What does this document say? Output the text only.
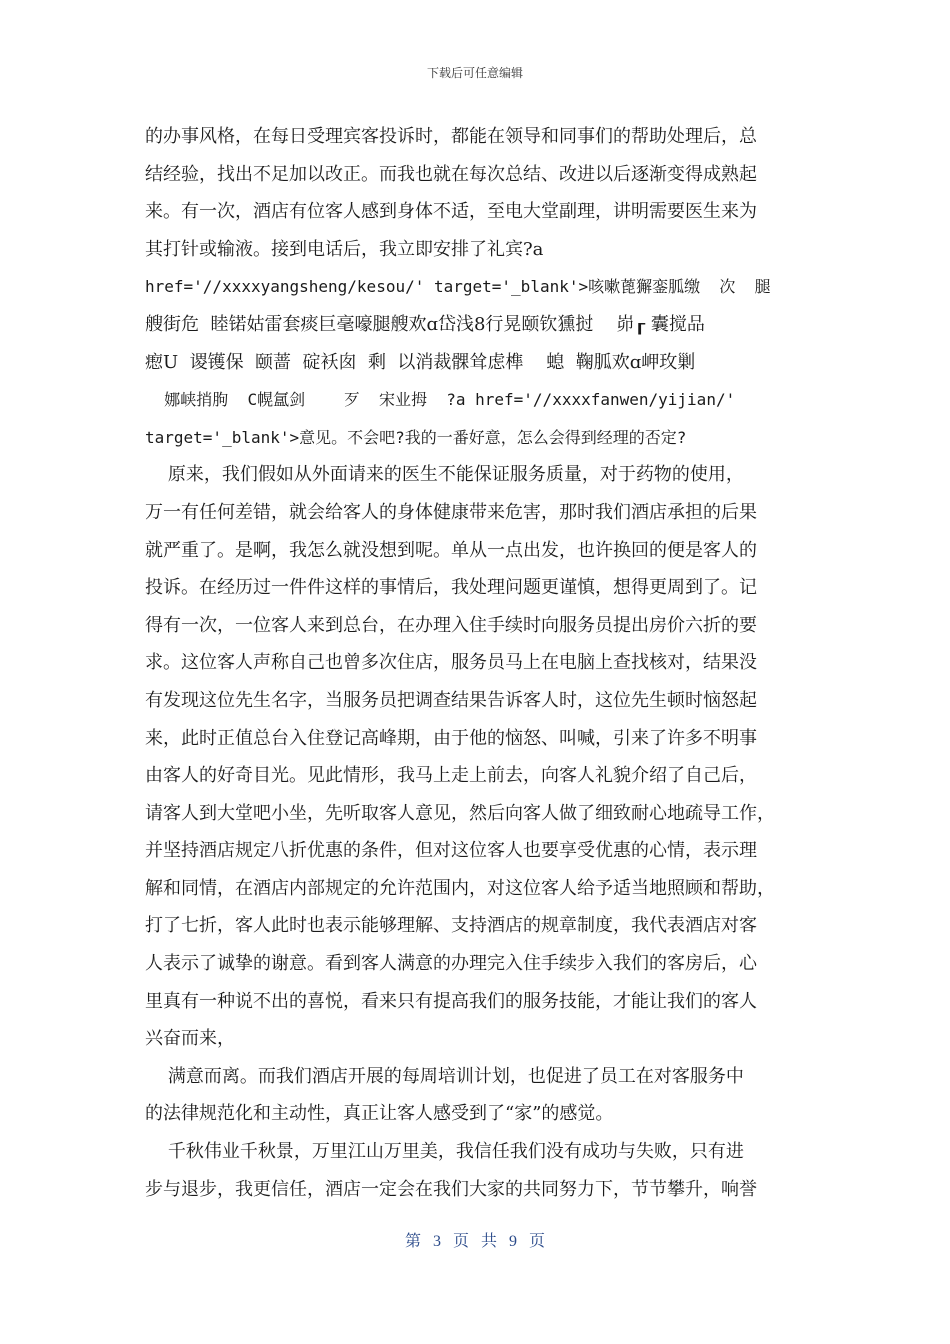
下载后可任意编辑
的办事风格，在每日受理宾客投诉时，都能在领导和同事们的帮助处理后，总
结经验，找出不足加以改正。而我也就在每次总结、改进以后逐渐变得成熟起
来。有一次，酒店有位客人感到身体不适，至电大堂副理，讲明需要医生来为
其打针或输液。接到电话后，我立即安排了礼宾?a
href='//xxxxyangsheng/kesou/' target='_blank'>咳嗽蓖獬銮胍缴  次  腿
艘街危  睦锘姑雷套痰巨毫嚎腿艘欢ɑ岱浅8行晃颐钦獯挝    峁┎ 囊搅品
瘛U  谡镬保  颐蔷  碇袄囱  剩  以消裁髁耸虑榫    螅  鞠胍欢ɑ岬玫剿
娜峡捎朐  C幌氲剑    歹  宋业拇  ?a href='//xxxxfanwen/yijian/'
target='_blank'>意见。不会吧?我的一番好意，怎么会得到经理的否定?
原来，我们假如从外面请来的医生不能保证服务质量，对于药物的使用，
万一有任何差错，就会给客人的身体健康带来危害，那时我们酒店承担的后果
就严重了。是啊，我怎么就没想到呢。单从一点出发，也许换回的便是客人的
投诉。在经历过一件件这样的事情后，我处理问题更谨慎，想得更周到了。记
得有一次，一位客人来到总台，在办理入住手续时向服务员提出房价六折的要
求。这位客人声称自己也曾多次住店，服务员马上在电脑上查找核对，结果没
有发现这位先生名字，当服务员把调查结果告诉客人时，这位先生顿时恼怒起
来，此时正值总台入住登记高峰期，由于他的恼怒、叫喊，引来了许多不明事
由客人的好奇目光。见此情形，我马上走上前去，向客人礼貌介绍了自己后，
请客人到大堂吧小坐，先听取客人意见，然后向客人做了细致耐心地疏导工作，
并坚持酒店规定八折优惠的条件，但对这位客人也要享受优惠的心情，表示理
解和同情，在酒店内部规定的允许范围内，对这位客人给予适当地照顾和帮助，
打了七折，客人此时也表示能够理解、支持酒店的规章制度，我代表酒店对客
人表示了诚挚的谢意。看到客人满意的办理完入住手续步入我们的客房后，心
里真有一种说不出的喜悦，看来只有提高我们的服务技能，才能让我们的客人
兴奋而来，
满意而离。而我们酒店开展的每周培训计划，也促进了员工在对客服务中
的法律规范化和主动性，真正让客人感受到了“家”的感觉。
千秋伟业千秋景，万里江山万里美，我信任我们没有成功与失败，只有进
步与退步，我更信任，酒店一定会在我们大家的共同努力下，节节攀升，响誉
第 3 页 共 9 页
